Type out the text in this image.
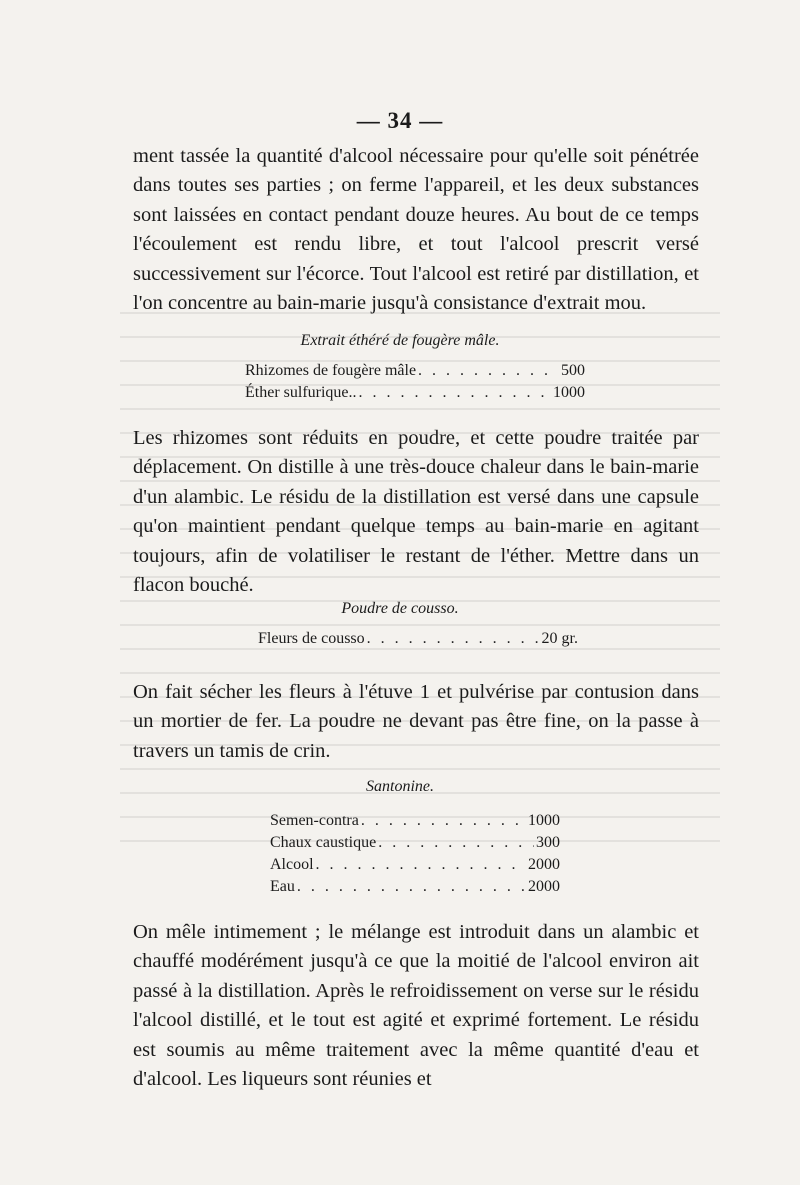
— 34 —

ment tassée la quantité d'alcool nécessaire pour qu'elle soit pénétrée dans toutes ses parties ; on ferme l'appareil, et les deux substances sont laissées en contact pendant douze heures. Au bout de ce temps l'écoulement est rendu libre, et tout l'alcool prescrit versé successivement sur l'écorce. Tout l'alcool est retiré par distillation, et l'on concentre au bain-marie jusqu'à consistance d'extrait mou.

Extrait éthéré de fougère mâle.

Rhizomes de fougère mâle . . .	500
Éther sulfurique.. . . .	1000

Les rhizomes sont réduits en poudre, et cette poudre traitée par déplacement. On distille à une très-douce chaleur dans le bain-marie d'un alambic. Le résidu de la distillation est versé dans une capsule qu'on maintient pendant quelque temps au bain-marie en agitant toujours, afin de volatiliser le restant de l'éther. Mettre dans un flacon bouché.

Poudre de cousso.

Fleurs de cousso . . .	20 gr.

On fait sécher les fleurs à l'étuve 1 et pulvérise par contusion dans un mortier de fer. La poudre ne devant pas être fine, on la passe à travers un tamis de crin.

Santonine.

Semen-contra . . .	1000
Chaux caustique . . .	300
Alcool . . .	2000
Eau . . .	2000

On mêle intimement ; le mélange est introduit dans un alambic et chauffé modérément jusqu'à ce que la moitié de l'alcool environ ait passé à la distillation. Après le refroidissement on verse sur le résidu l'alcool distillé, et le tout est agité et exprimé fortement. Le résidu est soumis au même traitement avec la même quantité d'eau et d'alcool. Les liqueurs sont réunies et
